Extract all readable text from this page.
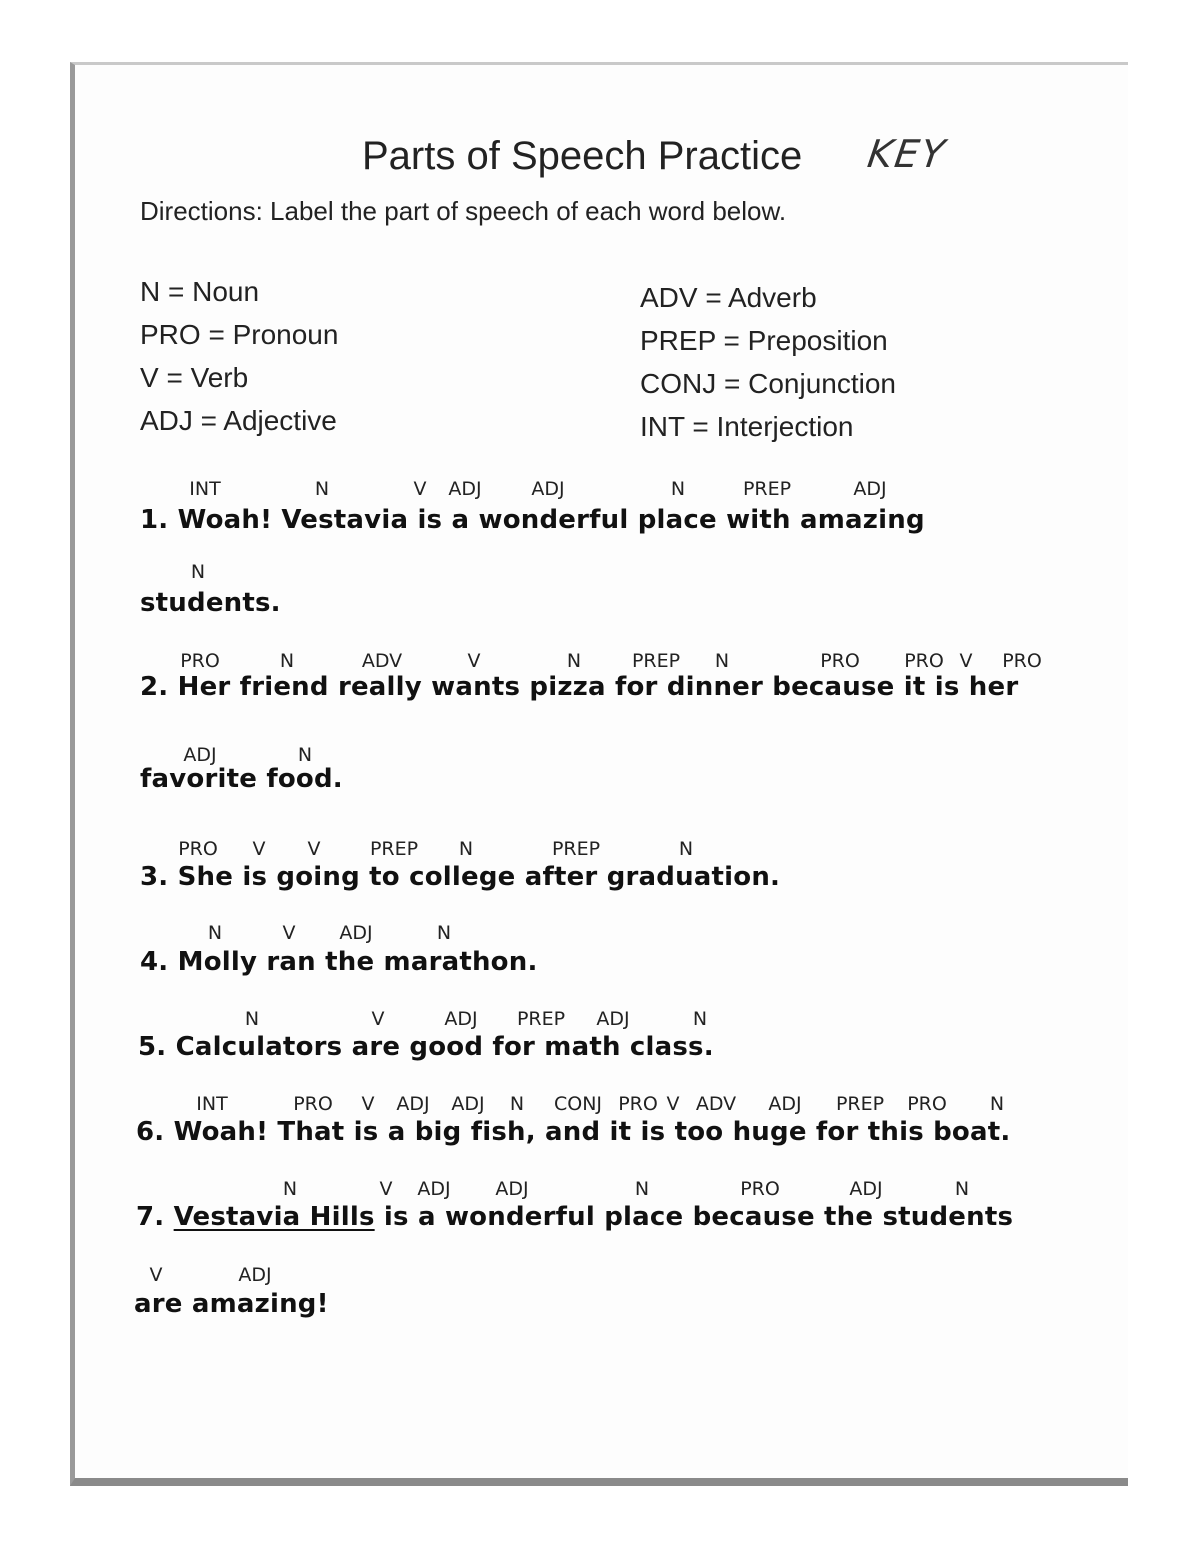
Parts of Speech Practice KEY
Directions: Label the part of speech of each word below.
N = Noun
PRO = Pronoun
V = Verb
ADJ = Adjective
ADV = Adverb
PREP = Preposition
CONJ = Conjunction
INT = Interjection
1. Woah! Vestavia is a wonderful place with amazing
students.
2. Her friend really wants pizza for dinner because it is her
favorite food.
3. She is going to college after graduation.
4. Molly ran the marathon.
5. Calculators are good for math class.
6. Woah! That is a big fish, and it is too huge for this boat.
7. Vestavia Hills is a wonderful place because the students
are amazing!
INT	N	V ADJ	ADJ	N	PREP	ADJ
N
PRO	N	ADV	V	N	PREP N	PRO PRO V PRO
ADJ	N
PRO V V	PREP N	PREP	N
N	V ADJ	N
N	V	ADJ PREP ADJ	N
INT	PRO V ADJ ADJ N CONJ PRO V ADV ADJ PREP PRO N
N	V ADJ ADJ	N	PRO	ADJ	N
V	ADJ
